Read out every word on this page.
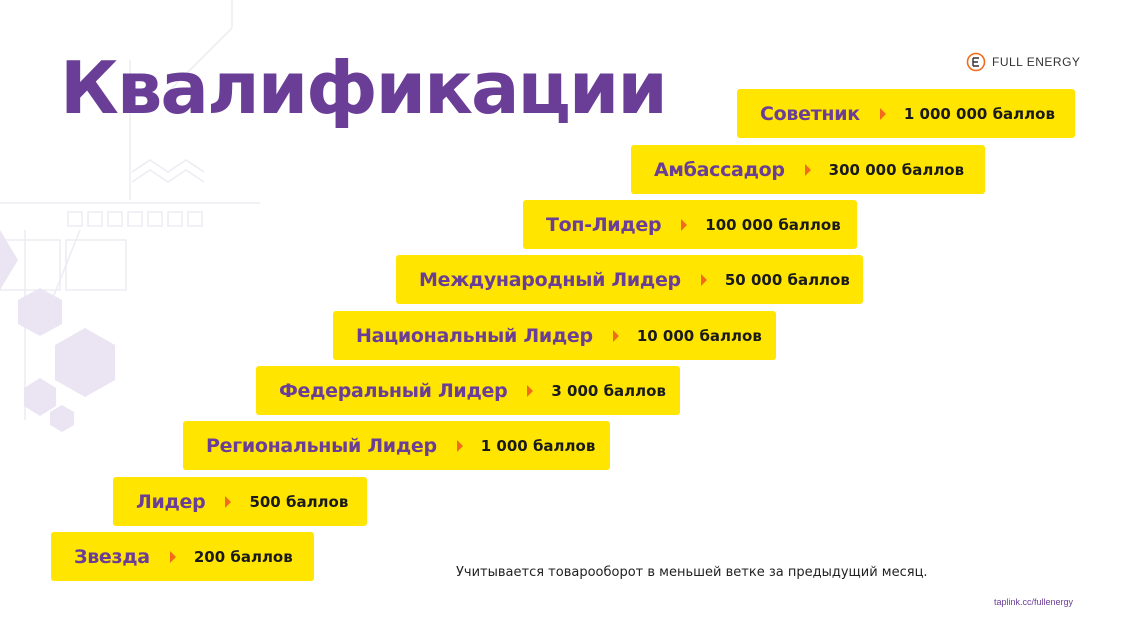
Квалификации	FULL ENERGY
Советник	1 000 000 баллов
Амбассадор	300 000 баллов
Топ-Лидер	100 000 баллов
Международный Лидер	50 000 баллов
Национальный Лидер	10 000 баллов
Федеральный Лидер	3 000 баллов
Региональный Лидер	1 000 баллов
Лидер	500 баллов
Звезда	200 баллов
Учитывается товарооборот в меньшей ветке за предыдущий месяц.
taplink.cc/fullenergy
